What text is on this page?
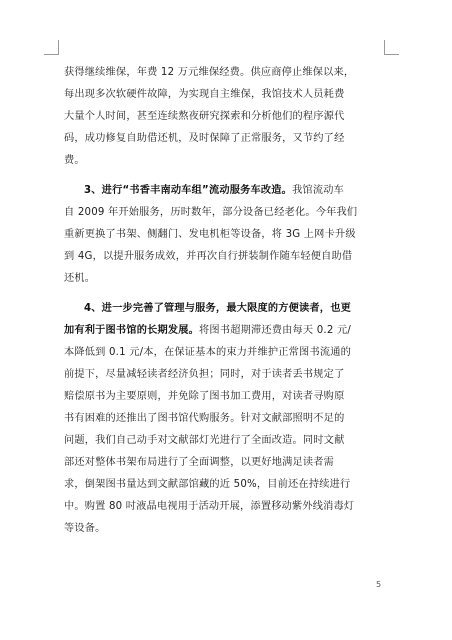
获得继续维保，年费 12 万元维保经费。供应商停止维保以来，
每出现多次软硬件故障，为实现自主维保，我馆技术人员耗费
大量个人时间，甚至连续熬夜研究探索和分析他们的程序源代
码，成功修复自助借还机，及时保障了正常服务，又节约了经
费。
3、进行“书香丰南动车组”流动服务车改造。我馆流动车
自 2009 年开始服务，历时数年，部分设备已经老化。今年我们
重新更换了书架、侧翻门、发电机柜等设备，将 3G 上网卡升级
到 4G，以提升服务成效，并再次自行拼装制作随车轻便自助借
还机。
4、进一步完善了管理与服务，最大限度的方便读者，也更
加有利于图书馆的长期发展。将图书超期滞还费由每天 0.2 元/
本降低到 0.1 元/本，在保证基本的束力并维护正常图书流通的
前提下，尽量减轻读者经济负担；同时，对于读者丢书规定了
赔偿原书为主要原则，并免除了图书加工费用，对读者寻购原
书有困难的还推出了图书馆代购服务。针对文献部照明不足的
问题，我们自己动手对文献部灯光进行了全面改造。同时文献
部还对整体书架布局进行了全面调整，以更好地满足读者需
求，倒架图书量达到文献部馆藏的近 50%，目前还在持续进行
中。购置 80 吋液晶电视用于活动开展，添置移动紫外线消毒灯
等设备。
5
